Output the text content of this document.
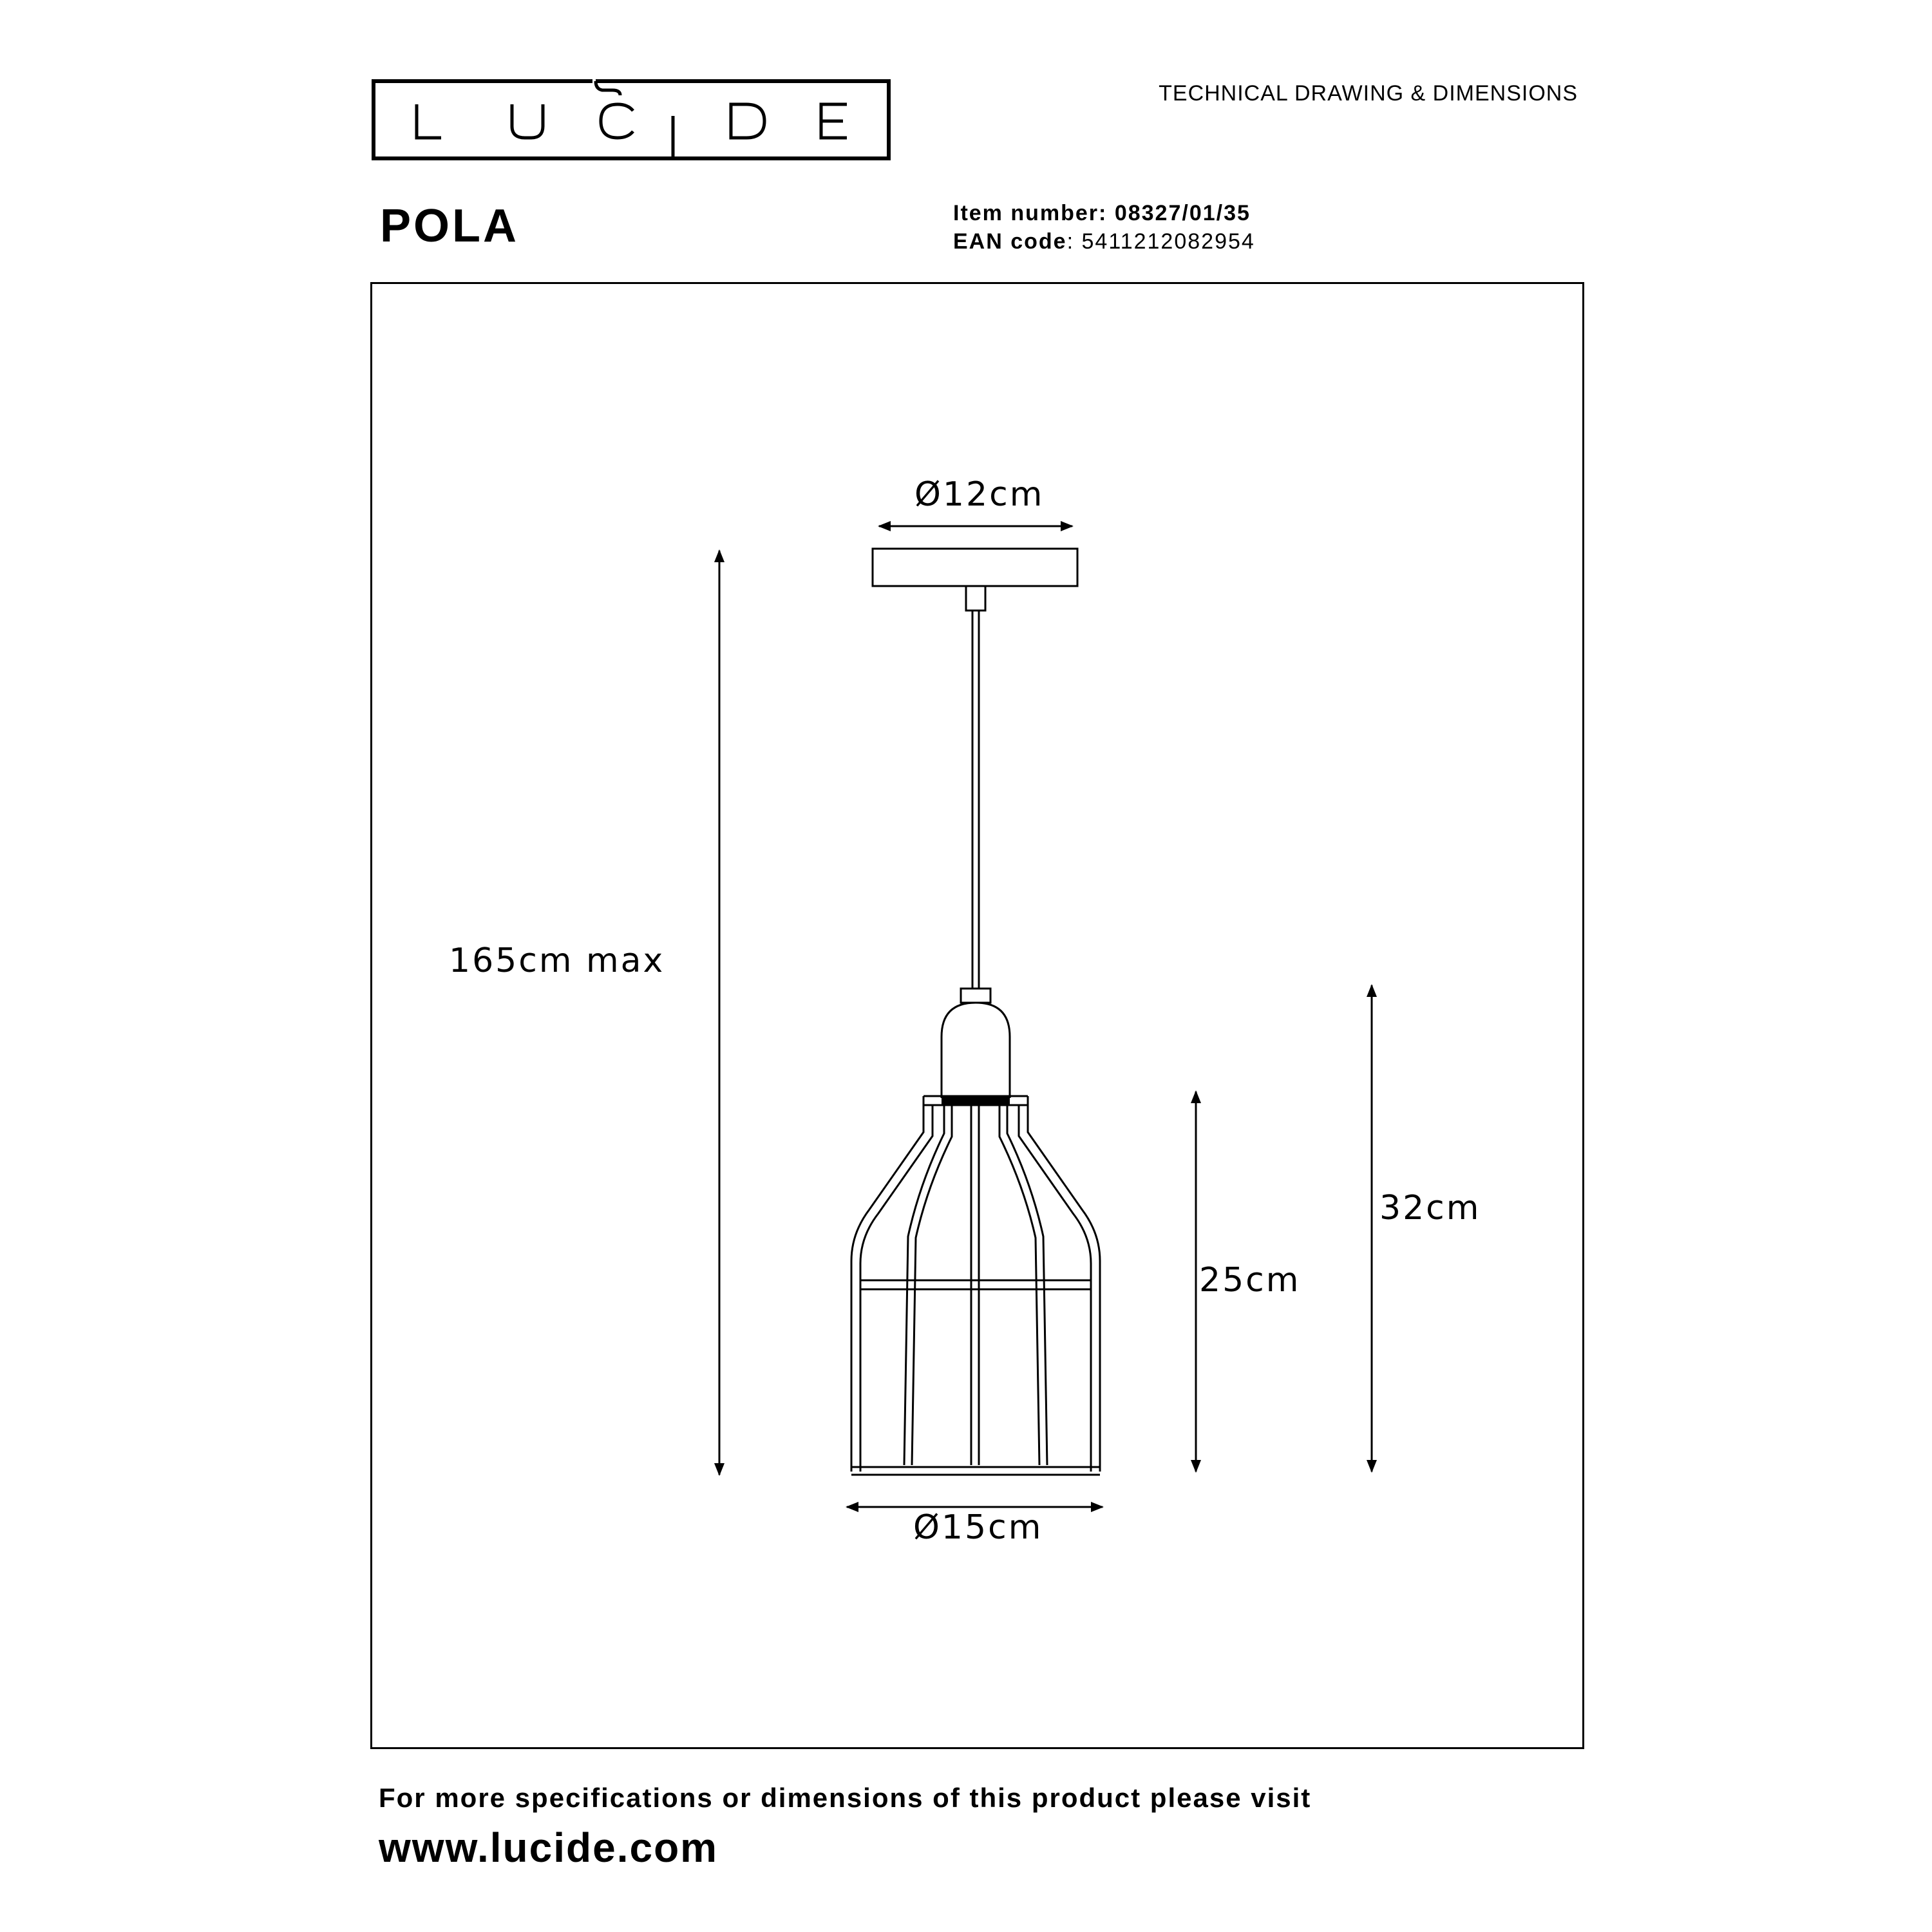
TECHNICAL DRAWING & DIMENSIONS
POLA	Item number: 08327/01/35
EAN code: 5411212082954
Ø12cm
Ø15cm
165cm max
25cm
32cm
For more specifications or dimensions of this product please visit
www.lucide.com
